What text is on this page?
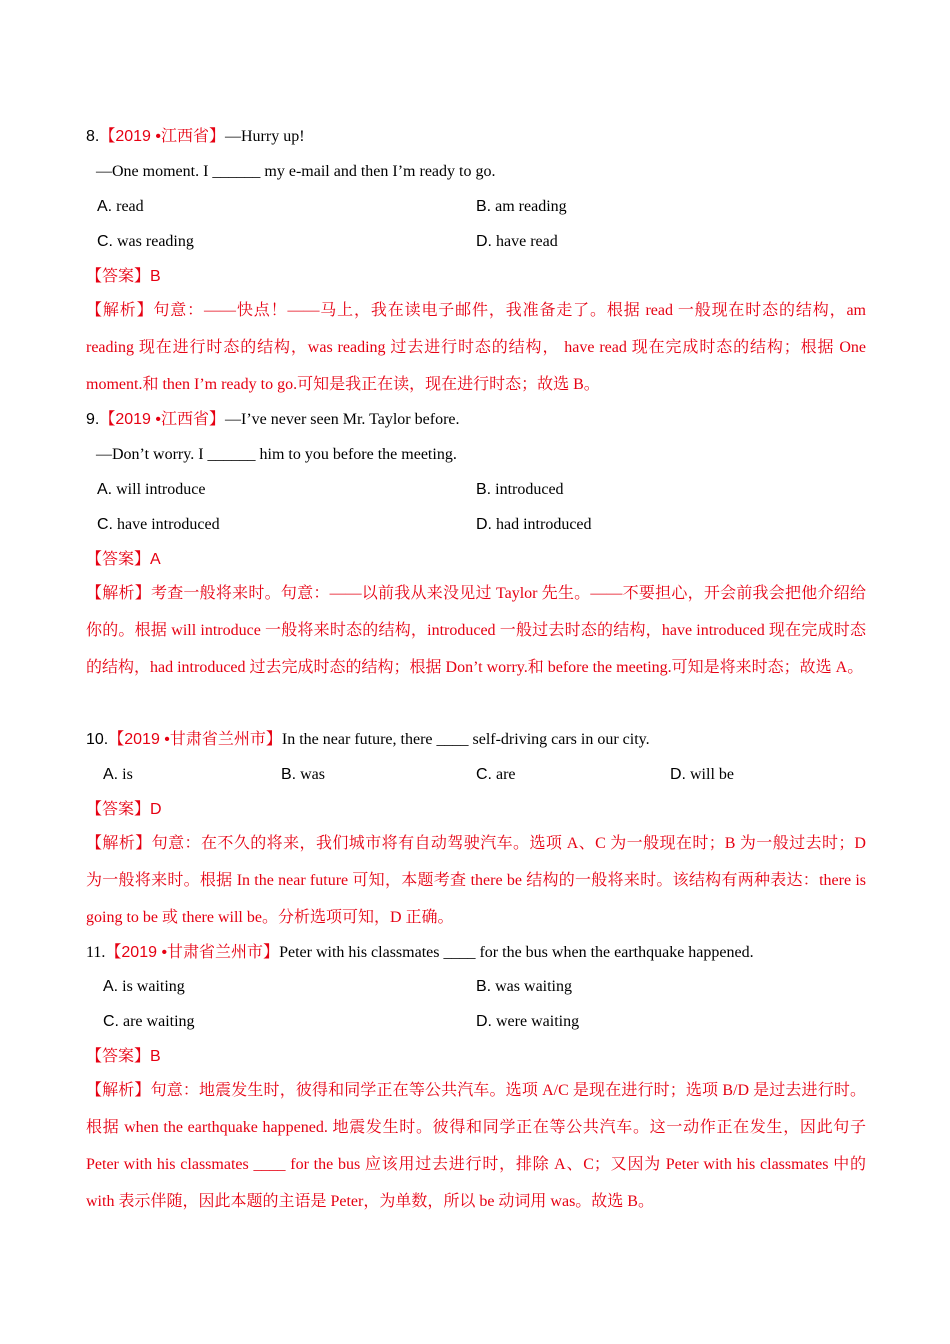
8.【2019 •江西省】—Hurry up!
—One moment. I ______ my e-mail and then I’m ready to go.
A. read	B. am reading
C. was reading	D. have read
【答案】B
【解析】句意：——快点！——马上，我在读电子邮件，我准备走了。根据 read 一般现在时态的结构，am reading 现在进行时态的结构，was reading 过去进行时态的结构， have read 现在完成时态的结构；根据 One moment.和 then I’m ready to go.可知是我正在读，现在进行时态；故选 B。
9.【2019 •江西省】—I’ve never seen Mr. Taylor before.
—Don’t worry. I ______ him to you before the meeting.
A. will introduce	B. introduced
C. have introduced	D. had introduced
【答案】A
【解析】考查一般将来时。句意：——以前我从来没见过 Taylor 先生。——不要担心，开会前我会把他介绍给你的。根据 will introduce 一般将来时态的结构，introduced 一般过去时态的结构，have introduced 现在完成时态的结构，had introduced 过去完成时态的结构；根据 Don’t worry.和 before the meeting.可知是将来时态；故选 A。
10.【2019 •甘肃省兰州市】In the near future, there ____ self-driving cars in our city.
A. is	B. was	C. are	D. will be
【答案】D
【解析】句意：在不久的将来，我们城市将有自动驾驶汽车。选项 A、C 为一般现在时；B 为一般过去时；D 为一般将来时。根据 In the near future 可知，本题考查 there be 结构的一般将来时。该结构有两种表达：there is going to be 或 there will be。分析选项可知，D 正确。
11.【2019 •甘肃省兰州市】Peter with his classmates ____ for the bus when the earthquake happened.
A. is waiting	B. was waiting
C. are waiting	D. were waiting
【答案】B
【解析】句意：地震发生时，彼得和同学正在等公共汽车。选项 A/C 是现在进行时；选项 B/D 是过去进行时。根据 when the earthquake happened. 地震发生时。彼得和同学正在等公共汽车。这一动作正在发生，因此句子 Peter with his classmates ____ for the bus 应该用过去进行时，排除 A、C；又因为 Peter with his classmates 中的 with 表示伴随，因此本题的主语是 Peter，为单数，所以 be 动词用 was。故选 B。
